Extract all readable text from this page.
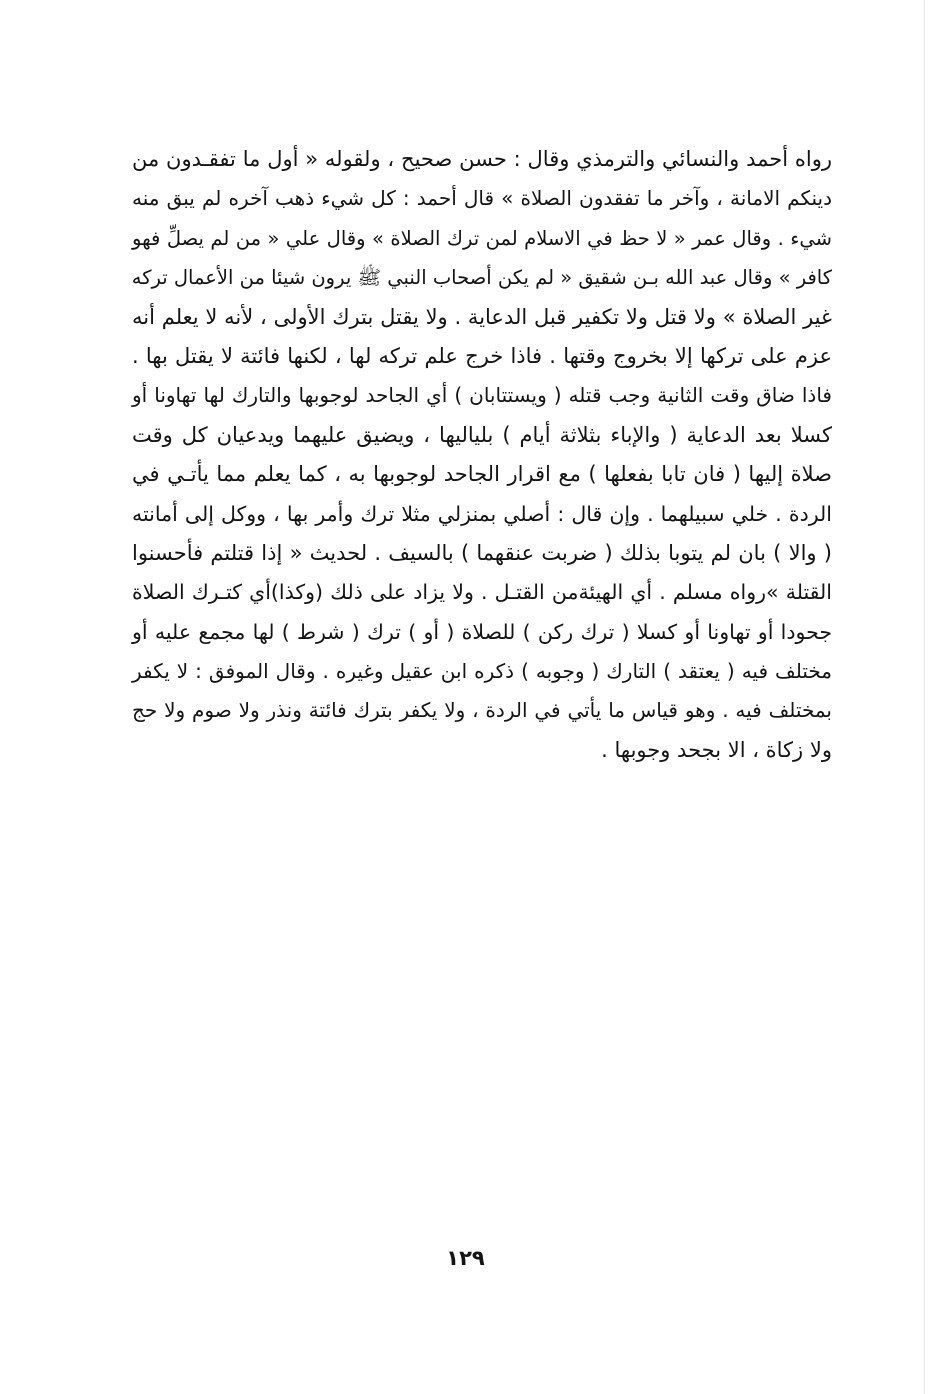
رواه أحمد والنسائي والترمذي وقال : حسن صحيح ، ولقوله « أول ما تفقـدون من
دينكم الامانة ، وآخر ما تفقدون الصلاة » قال أحمد : كل شيء ذهب آخره لم يبق منه
شيء . وقال عمر « لا حظ في الاسلام لمن ترك الصلاة » وقال علي « من لم يصلِّ فهو
كافر » وقال عبد الله بـن شقيق « لم يكن أصحاب النبي ﷺ يرون شيئا من الأعمال تركه
غير الصلاة » ولا قتل ولا تكفير قبل الدعاية . ولا يقتل بترك الأولى ، لأنه لا يعلم أنه
عزم على تركها إلا بخروج وقتها . فاذا خرج علم تركه لها ، لكنها فائتة لا يقتل بها .
فاذا ضاق وقت الثانية وجب قتله ( ويستتابان ) أي الجاحد لوجوبها والتارك لها تهاونا أو
كسلا بعد الدعاية ( والإباء بثلاثة أيام ) بلياليها ، ويضيق عليهما ويدعيان كل وقت
صلاة إليها ( فان تابا بفعلها ) مع اقرار الجاحد لوجوبها به ، كما يعلم مما يأتـي في
الردة . خلي سبيلهما . وإن قال : أصلي بمنزلي مثلا ترك وأمر بها ، ووكل إلى أمانته
( والا ) بان لم يتوبا بذلك ( ضربت عنقهما ) بالسيف . لحديث « إذا قتلتم فأحسنوا
القتلة »رواه مسلم . أي الهيئةمن القتـل . ولا يزاد على ذلك (وكذا)أي كتـرك الصلاة
جحودا أو تهاونا أو كسلا ( ترك ركن ) للصلاة ( أو ) ترك ( شرط ) لها مجمع عليه أو
مختلف فيه ( يعتقد ) التارك ( وجوبه ) ذكره ابن عقيل وغيره . وقال الموفق : لا يكفر
بمختلف فيه . وهو قياس ما يأتي في الردة ، ولا يكفر بترك فائتة ونذر ولا صوم ولا حج
ولا زكاة ، الا بجحد وجوبها .
١٢٩
